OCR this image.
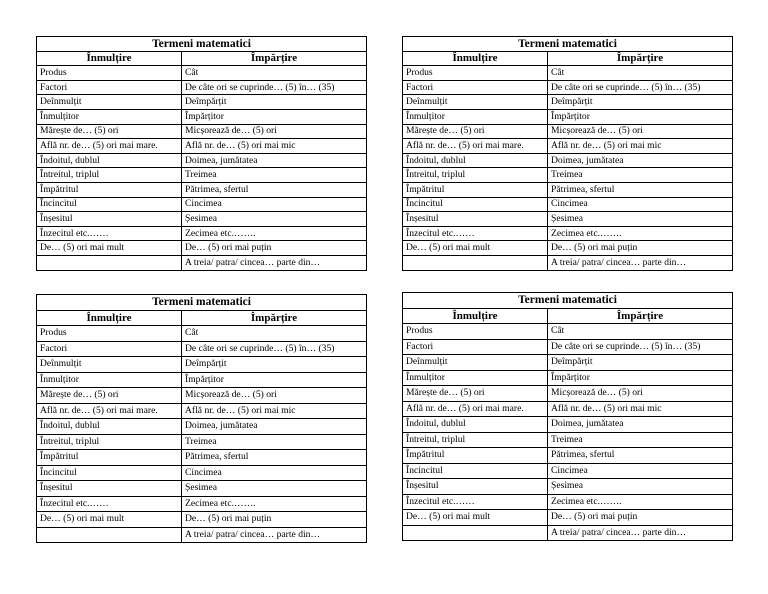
Termeni matematici	
Înmulțire	Împărțire
Produs	Cât
Factori	De câte ori se cuprinde… (5) în… (35)
Deînmulțit	Deîmpărțit
Înmulțitor	Împărțitor
Mărește de… (5) ori	Micșorează de… (5) ori
Află nr. de… (5) ori mai mare.	Află nr. de… (5) ori mai mic
Îndoitul, dublul	Doimea, jumătatea
Întreitul, triplul	Treimea
Împătritul	Pătrimea, sfertul
Încincitul	Cincimea
Înșesitul	Șesimea
Înzecitul etc.……	Zecimea etc.…….
De… (5) ori mai mult	De… (5) ori mai puțin
	A treia/ patra/ cincea… parte din…
Termeni matematici	
Înmulțire	Împărțire
Produs	Cât
Factori	De câte ori se cuprinde… (5) în… (35)
Deînmulțit	Deîmpărțit
Înmulțitor	Împărțitor
Mărește de… (5) ori	Micșorează de… (5) ori
Află nr. de… (5) ori mai mare.	Află nr. de… (5) ori mai mic
Îndoitul, dublul	Doimea, jumătatea
Întreitul, triplul	Treimea
Împătritul	Pătrimea, sfertul
Încincitul	Cincimea
Înșesitul	Șesimea
Înzecitul etc.……	Zecimea etc.…….
De… (5) ori mai mult	De… (5) ori mai puțin
	A treia/ patra/ cincea… parte din…
Termeni matematici	
Înmulțire	Împărțire
Produs	Cât
Factori	De câte ori se cuprinde… (5) în… (35)
Deînmulțit	Deîmpărțit
Înmulțitor	Împărțitor
Mărește de… (5) ori	Micșorează de… (5) ori
Află nr. de… (5) ori mai mare.	Află nr. de… (5) ori mai mic
Îndoitul, dublul	Doimea, jumătatea
Întreitul, triplul	Treimea
Împătritul	Pătrimea, sfertul
Încincitul	Cincimea
Înșesitul	Șesimea
Înzecitul etc.……	Zecimea etc.…….
De… (5) ori mai mult	De… (5) ori mai puțin
	A treia/ patra/ cincea… parte din…
Termeni matematici	
Înmulțire	Împărțire
Produs	Cât
Factori	De câte ori se cuprinde… (5) în… (35)
Deînmulțit	Deîmpărțit
Înmulțitor	Împărțitor
Mărește de… (5) ori	Micșorează de… (5) ori
Află nr. de… (5) ori mai mare.	Află nr. de… (5) ori mai mic
Îndoitul, dublul	Doimea, jumătatea
Întreitul, triplul	Treimea
Împătritul	Pătrimea, sfertul
Încincitul	Cincimea
Înșesitul	Șesimea
Înzecitul etc.……	Zecimea etc.…….
De… (5) ori mai mult	De… (5) ori mai puțin
	A treia/ patra/ cincea… parte din…
